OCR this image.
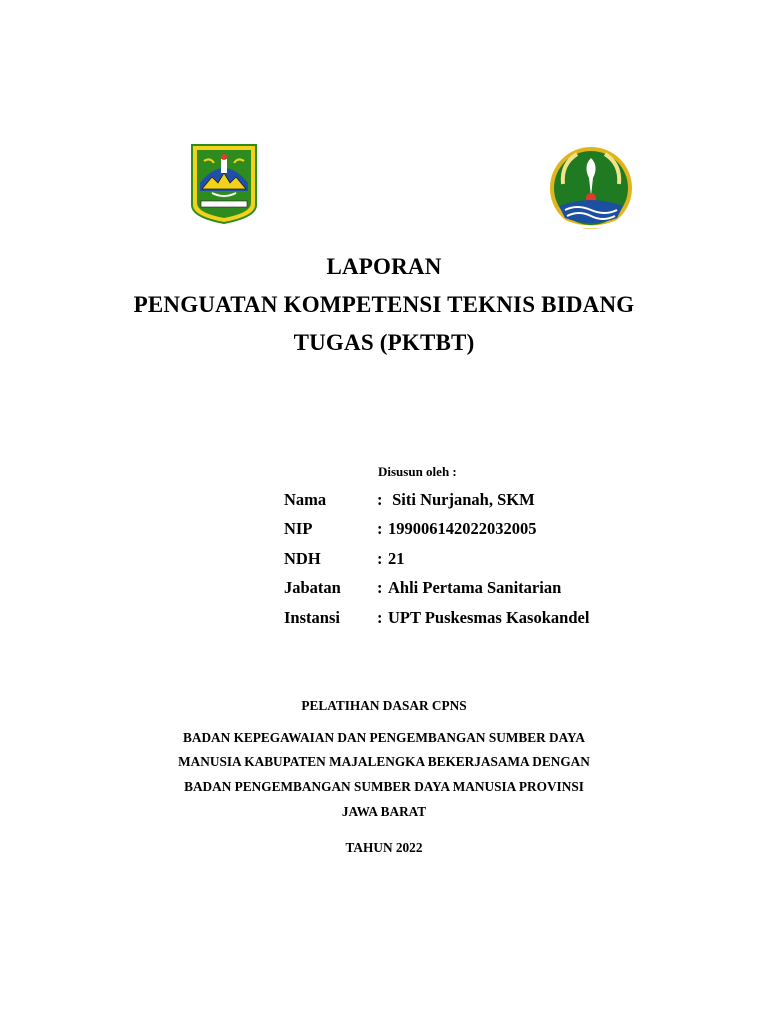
LAPORAN
PENGUATAN KOMPETENSI TEKNIS BIDANG
TUGAS (PKTBT)
Disusun oleh :
Nama	: Siti Nurjanah, SKM
NIP	: 199006142022032005
NDH	: 21
Jabatan : Ahli Pertama Sanitarian
Instansi : UPT Puskesmas Kasokandel
PELATIHAN DASAR CPNS
BADAN KEPEGAWAIAN DAN PENGEMBANGAN SUMBER DAYA
MANUSIA KABUPATEN MAJALENGKA BEKERJASAMA DENGAN
BADAN PENGEMBANGAN SUMBER DAYA MANUSIA PROVINSI
JAWA BARAT
TAHUN 2022
